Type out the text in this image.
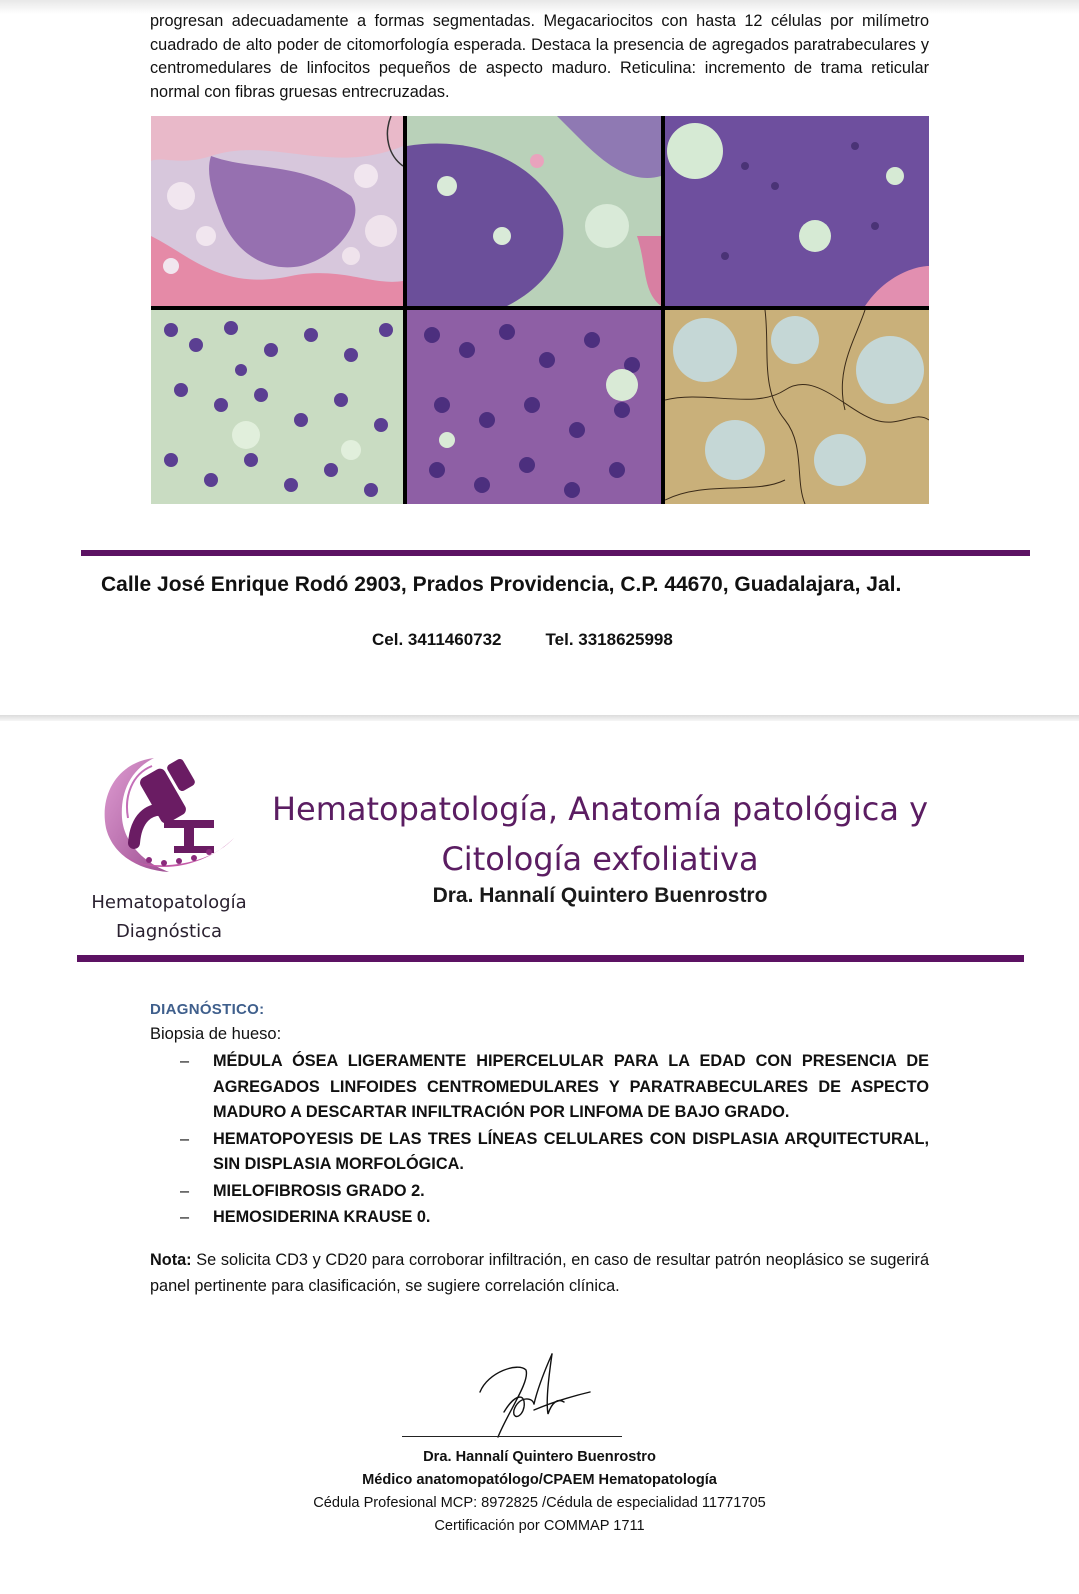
progresan adecuadamente a formas segmentadas. Megacariocitos con hasta 12 células por milímetro cuadrado de alto poder de citomorfología esperada. Destaca la presencia de agregados paratrabeculares y centromedulares de linfocitos pequeños de aspecto maduro. Reticulina: incremento de trama reticular normal con fibras gruesas entrecruzadas.

Calle José Enrique Rodó 2903, Prados Providencia, C.P. 44670, Guadalajara, Jal.
Cel. 3411460732	Tel. 3318625998
Hematopatología
Diagnóstica
Hematopatología, Anatomía patológica y
Citología exfoliativa
Dra. Hannalí Quintero Buenrostro
DIAGNÓSTICO:
Biopsia de hueso:
– MÉDULA ÓSEA LIGERAMENTE HIPERCELULAR PARA LA EDAD CON PRESENCIA DE AGREGADOS LINFOIDES CENTROMEDULARES Y PARATRABECULARES DE ASPECTO MADURO A DESCARTAR INFILTRACIÓN POR LINFOMA DE BAJO GRADO.
– HEMATOPOYESIS DE LAS TRES LÍNEAS CELULARES CON DISPLASIA ARQUITECTURAL, SIN DISPLASIA MORFOLÓGICA.
– MIELOFIBROSIS GRADO 2.
– HEMOSIDERINA KRAUSE 0.

Nota: Se solicita CD3 y CD20 para corroborar infiltración, en caso de resultar patrón neoplásico se sugerirá panel pertinente para clasificación, se sugiere correlación clínica.

Dra. Hannalí Quintero Buenrostro
Médico anatomopatólogo/CPAEM Hematopatología
Cédula Profesional MCP: 8972825 /Cédula de especialidad 11771705
Certificación por COMMAP 1711
